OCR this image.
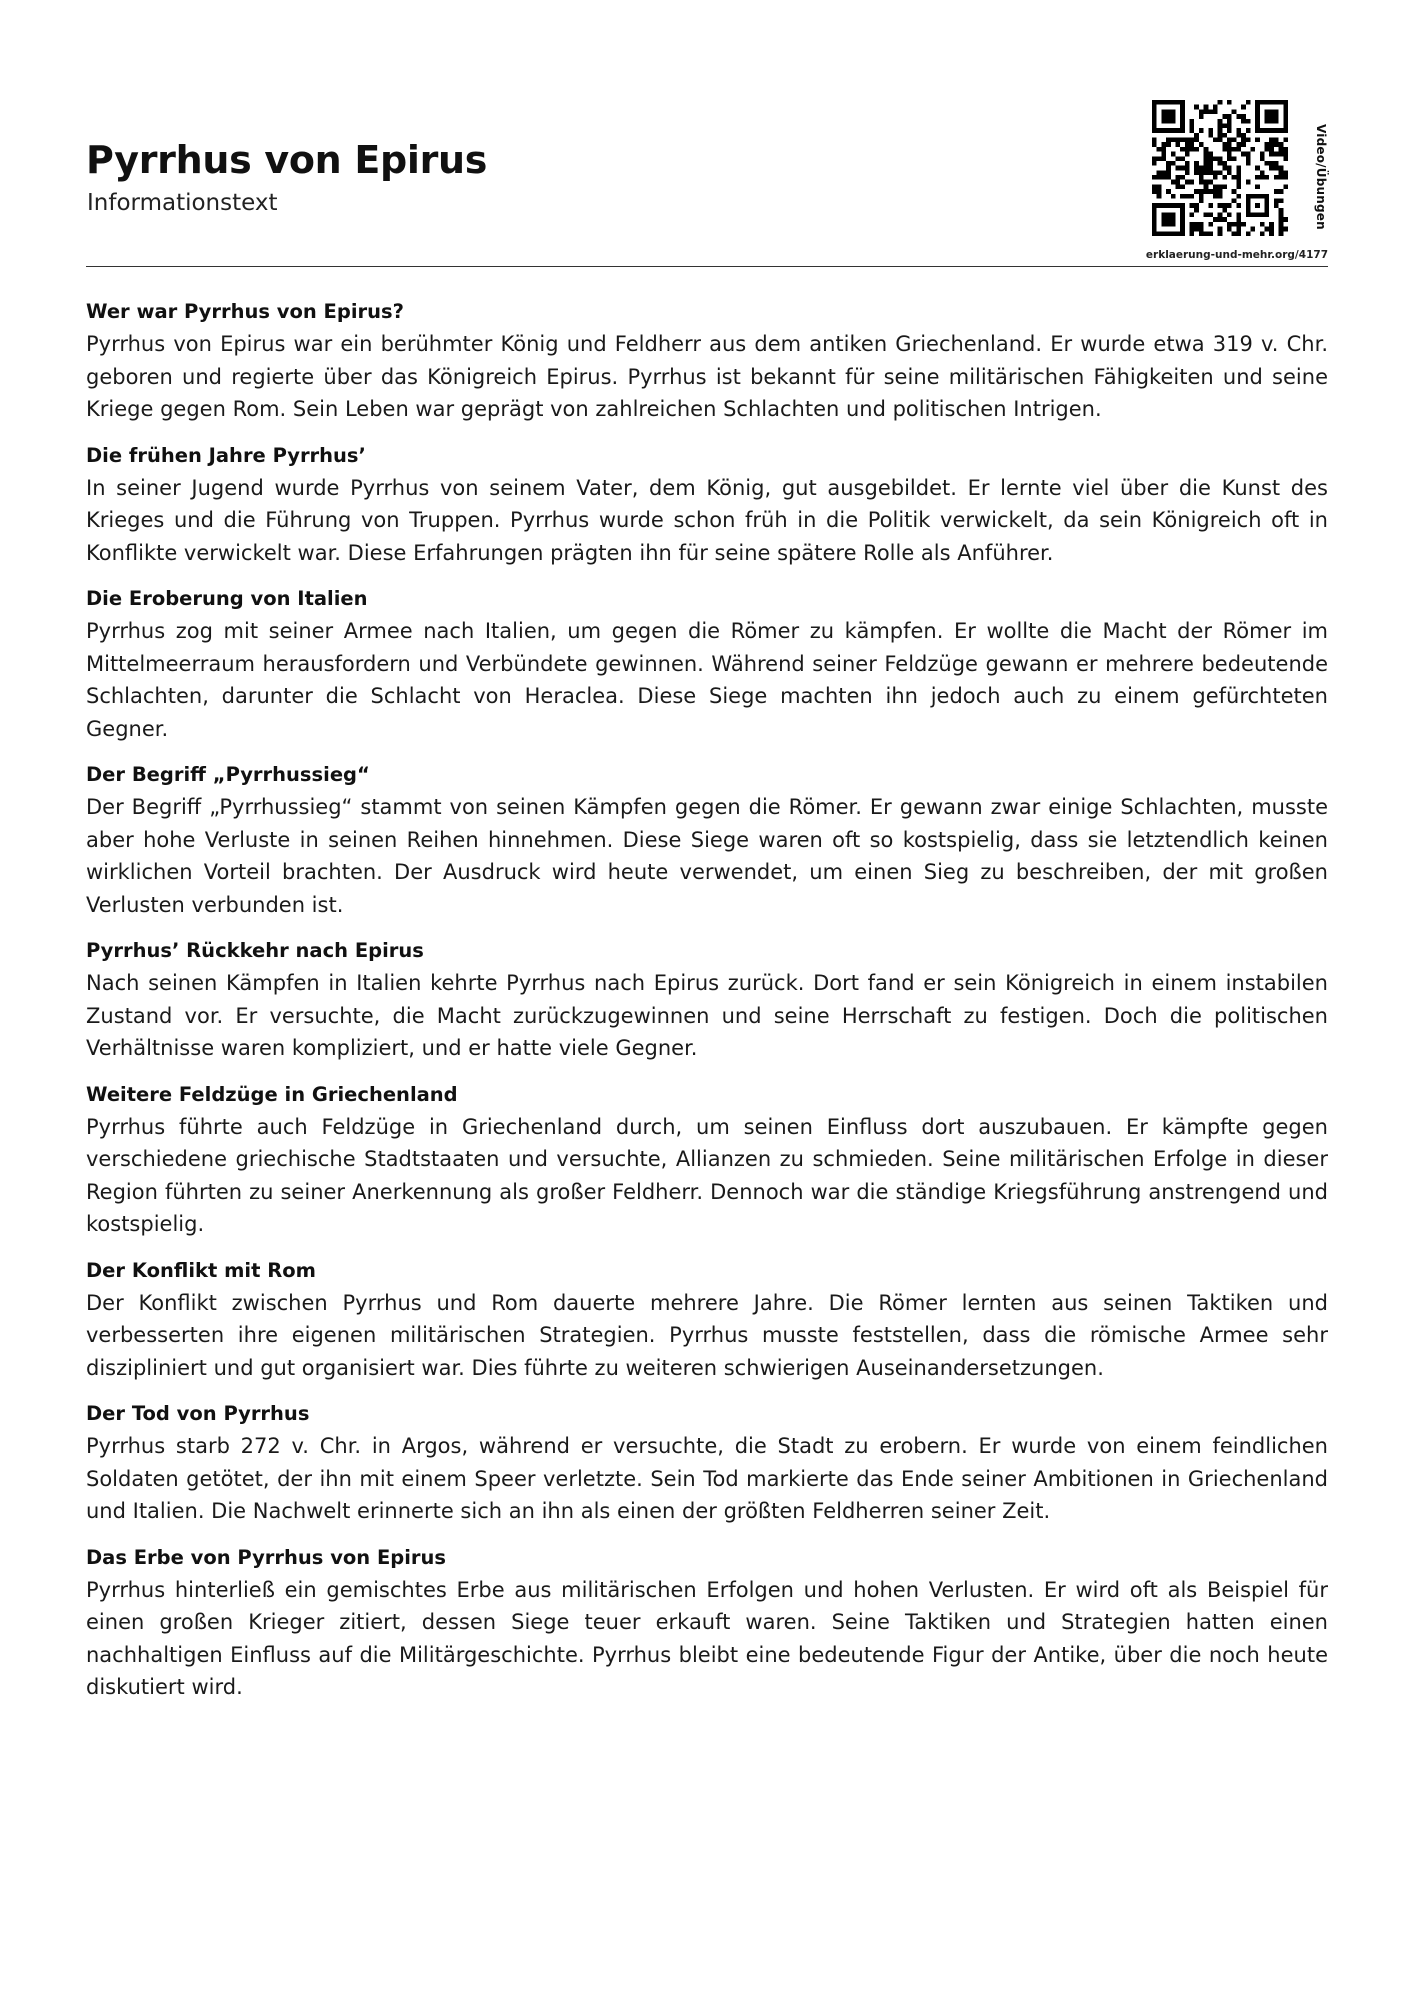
Pyrrhus von Epirus
Informationstext	Video/Übungen
erklaerung-und-mehr.org/4177
Wer war Pyrrhus von Epirus?

Pyrrhus von Epirus war ein berühmter König und Feldherr aus dem antiken Griechenland. Er wurde etwa 319 v. Chr. geboren und regierte über das Königreich Epirus. Pyrrhus ist bekannt für seine militärischen Fähigkeiten und seine Kriege gegen Rom. Sein Leben war geprägt von zahlreichen Schlachten und politischen Intrigen.

Die frühen Jahre Pyrrhus’

In seiner Jugend wurde Pyrrhus von seinem Vater, dem König, gut ausgebildet. Er lernte viel über die Kunst des Krieges und die Führung von Truppen. Pyrrhus wurde schon früh in die Politik verwickelt, da sein Königreich oft in Konflikte verwickelt war. Diese Erfahrungen prägten ihn für seine spätere Rolle als Anführer.

Die Eroberung von Italien

Pyrrhus zog mit seiner Armee nach Italien, um gegen die Römer zu kämpfen. Er wollte die Macht der Römer im Mittelmeerraum herausfordern und Verbündete gewinnen. Während seiner Feldzüge gewann er mehrere bedeutende Schlachten, darunter die Schlacht von Heraclea. Diese Siege machten ihn jedoch auch zu einem gefürchteten Gegner.

Der Begriff „Pyrrhussieg“

Der Begriff „Pyrrhussieg“ stammt von seinen Kämpfen gegen die Römer. Er gewann zwar einige Schlachten, musste aber hohe Verluste in seinen Reihen hinnehmen. Diese Siege waren oft so kostspielig, dass sie letztendlich keinen wirklichen Vorteil brachten. Der Ausdruck wird heute verwendet, um einen Sieg zu beschreiben, der mit großen Verlusten verbunden ist.

Pyrrhus’ Rückkehr nach Epirus

Nach seinen Kämpfen in Italien kehrte Pyrrhus nach Epirus zurück. Dort fand er sein Königreich in einem instabilen Zustand vor. Er versuchte, die Macht zurückzugewinnen und seine Herrschaft zu festigen. Doch die politischen Verhältnisse waren kompliziert, und er hatte viele Gegner.

Weitere Feldzüge in Griechenland

Pyrrhus führte auch Feldzüge in Griechenland durch, um seinen Einfluss dort auszubauen. Er kämpfte gegen verschiedene griechische Stadtstaaten und versuchte, Allianzen zu schmieden. Seine militärischen Erfolge in dieser Region führten zu seiner Anerkennung als großer Feldherr. Dennoch war die ständige Kriegsführung anstrengend und kostspielig.

Der Konflikt mit Rom

Der Konflikt zwischen Pyrrhus und Rom dauerte mehrere Jahre. Die Römer lernten aus seinen Taktiken und verbesserten ihre eigenen militärischen Strategien. Pyrrhus musste feststellen, dass die römische Armee sehr diszipliniert und gut organisiert war. Dies führte zu weiteren schwierigen Auseinandersetzungen.

Der Tod von Pyrrhus

Pyrrhus starb 272 v. Chr. in Argos, während er versuchte, die Stadt zu erobern. Er wurde von einem feindlichen Soldaten getötet, der ihn mit einem Speer verletzte. Sein Tod markierte das Ende seiner Ambitionen in Griechenland und Italien. Die Nachwelt erinnerte sich an ihn als einen der größten Feldherren seiner Zeit.

Das Erbe von Pyrrhus von Epirus

Pyrrhus hinterließ ein gemischtes Erbe aus militärischen Erfolgen und hohen Verlusten. Er wird oft als Beispiel für einen großen Krieger zitiert, dessen Siege teuer erkauft waren. Seine Taktiken und Strategien hatten einen nachhaltigen Einfluss auf die Militärgeschichte. Pyrrhus bleibt eine bedeutende Figur der Antike, über die noch heute diskutiert wird.
